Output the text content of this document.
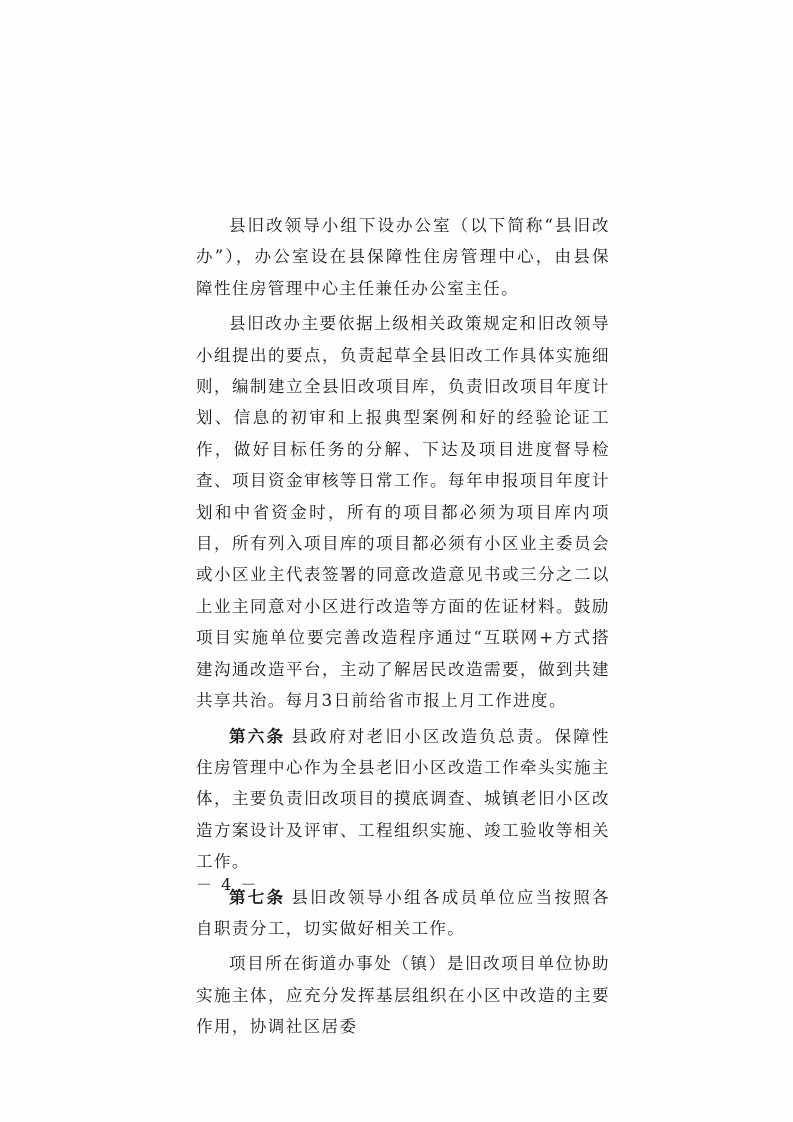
县旧改领导小组下设办公室（以下简称“县旧改办”），办公室设在县保障性住房管理中心，由县保障性住房管理中心主任兼任办公室主任。

县旧改办主要依据上级相关政策规定和旧改领导小组提出的要点，负责起草全县旧改工作具体实施细则，编制建立全县旧改项目库，负责旧改项目年度计划、信息的初审和上报典型案例和好的经验论证工作，做好目标任务的分解、下达及项目进度督导检查、项目资金审核等日常工作。每年申报项目年度计划和中省资金时，所有的项目都必须为项目库内项目，所有列入项目库的项目都必须有小区业主委员会或小区业主代表签署的同意改造意见书或三分之二以上业主同意对小区进行改造等方面的佐证材料。鼓励项目实施单位要完善改造程序通过“互联网+方式搭建沟通改造平台，主动了解居民改造需要，做到共建共享共治。每月3日前给省市报上月工作进度。

第六条 县政府对老旧小区改造负总责。保障性住房管理中心作为全县老旧小区改造工作牵头实施主体，主要负责旧改项目的摸底调查、城镇老旧小区改造方案设计及评审、工程组织实施、竣工验收等相关工作。

第七条 县旧改领导小组各成员单位应当按照各自职责分工，切实做好相关工作。

项目所在街道办事处（镇）是旧改项目单位协助实施主体，应充分发挥基层组织在小区中改造的主要作用，协调社区居委

－ 4 －
